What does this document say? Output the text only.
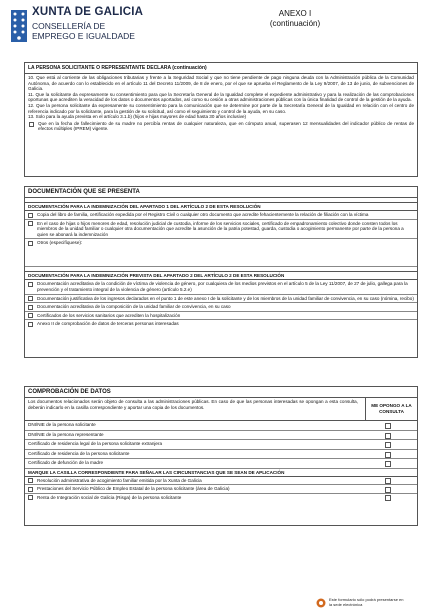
XUNTA DE GALICIA
CONSELLERÍA DE
EMPREGO E IGUALDADE
ANEXO I
(continuación)
LA PERSONA SOLICITANTE O REPRESENTANTE DECLARA (continuación)
10. Que está al corriente de las obligaciones tributarias y frente a la Seguridad Social y que no tiene pendiente de pago ninguna deuda con la Administración pública de la Comunidad Autónoma, de acuerdo con lo establecido en el artículo 11 del Decreto 11/2009, de 8 de enero, por el que se aprueba el Reglamento de la Ley 9/2007, de 13 de junio, de subvenciones de Galicia.
11. Que la solicitante da expresamente su consentimiento para que la Secretaría General de la Igualdad complete el expediente administrativo y para la realización de las comprobaciones oportunas que acrediten la veracidad de los datos o documentos aportados, así como su cesión a otras administraciones públicas con la única finalidad de control de la gestión de la ayuda.
12. Que la persona solicitante da expresamente su consentimiento para la comunicación que se determine por parte de la Secretaría General de la Igualdad en relación con el centro de referencia indicado por la solicitante, para la gestión de su solicitud, así como el seguimiento y control de la ayuda, en su caso.
13. Solo para la ayuda prevista en el artículo 3.1.b) (hijos e hijas mayores de edad hasta 30 años inclusive)
Que en la fecha de fallecimiento de su madre no percibía rentas de cualquier naturaleza, que en cómputo anual, superasen 12 mensualidades del indicador público de rentas de efectos múltiples (IPREM) vigente.
DOCUMENTACIÓN QUE SE PRESENTA
DOCUMENTACIÓN PARA LA INDEMNIZACIÓN DEL APARTADO 1 DEL ARTÍCULO 2 DE ESTA RESOLUCIÓN
Copia del libro de familia, certificación expedida por el Registro Civil o cualquier otro documento que acredite fehacientemente la relación de filiación con la víctima
En el caso de hijas o hijos menores de edad, resolución judicial de custodia, informe de los servicios sociales, certificado de empadronamiento colectivo donde consten todos los miembros de la unidad familiar o cualquier otra documentación que acredite la asunción de la patria potestad, guarda, custodia o acogimiento permanente por parte de la persona a quien se abonará la indemnización
Otros (especifíquese):
DOCUMENTACIÓN PARA LA INDEMNIZACIÓN PREVISTA DEL APARTADO 2 DEL ARTÍCULO 2 DE ESTA RESOLUCIÓN
Documentación acreditativa de la condición de víctima de violencia de género, por cualquiera de los medios previstos en el artículo 5 de la Ley 11/2007, de 27 de julio, gallega para la prevención y el tratamiento integral de la violencia de género (artículo 5.2.e)
Documentación justificativa de los ingresos declarados en el punto 1 de este anexo I de la solicitante y de los miembros de la unidad familiar de convivencia, en su caso (nómina, recibo)
Documentación acreditativa de la composición de la unidad familiar de convivencia, en su caso
Certificados de los servicios sanitarios que acrediten la hospitalización
Anexo II de comprobación de datos de terceras personas interesadas
COMPROBACIÓN DE DATOS
Los documentos relacionados serán objeto de consulta a las administraciones públicas. En caso de que las personas interesadas se opongan a esta consulta, deberán indicarlo en la casilla correspondiente y aportar una copia de los documentos.	ME OPONGO A LA CONSULTA
DNI/NIE de la persona solicitante
DNI/NIE de la persona representante
Certificado de residencia legal de la persona solicitante extranjera
Certificado de residencia de la persona solicitante
Certificado de defunción de la madre
MARQUE LA CASILLA CORRESPONDIENTE PARA SEÑALAR LAS CIRCUNSTANCIAS QUE SE SEAN DE APLICACIÓN
Resolución administrativa de acogimiento familiar emitida por la Xunta de Galicia
Prestaciones del Servicio Público de Empleo Estatal de la persona solicitante (área de Galicia)
Renta de Integración social de Galicia (Risga) de la persona solicitante
Este formulario sólo podrá presentarse en
la sede electrónica
